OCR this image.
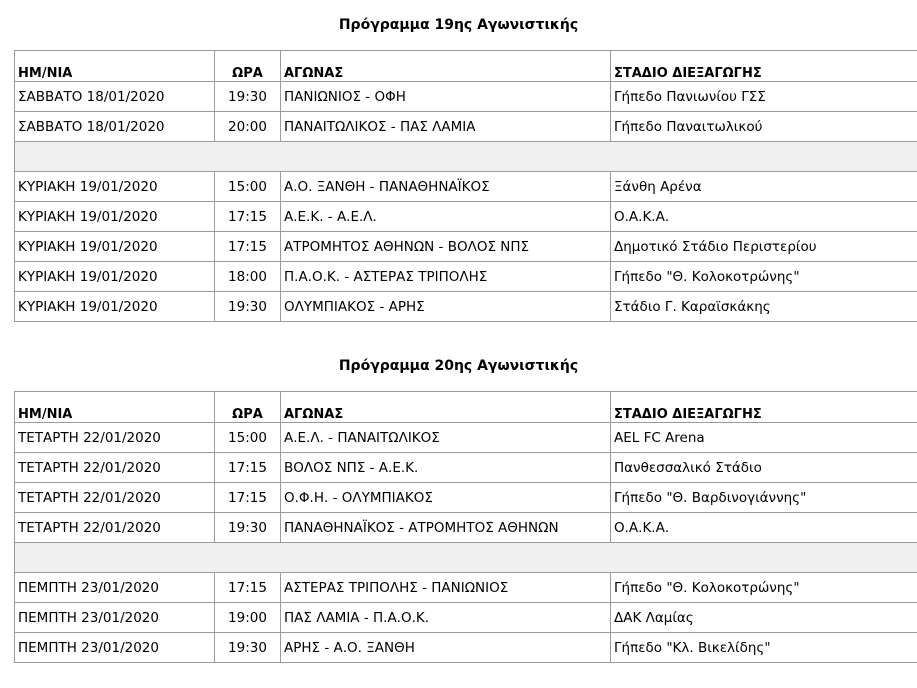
Πρόγραμμα 19ης Αγωνιστικής
ΗΜ/ΝΙΑ	ΩΡΑ	ΑΓΩΝΑΣ	ΣΤΑΔΙΟ ΔΙΕΞΑΓΩΓΗΣ
ΣΑΒΒΑΤΟ 18/01/2020	19:30	ΠΑΝΙΩΝΙΟΣ - ΟΦΗ	Γήπεδο Πανιωνίου ΓΣΣ
ΣΑΒΒΑΤΟ 18/01/2020	20:00	ΠΑΝΑΙΤΩΛΙΚΟΣ - ΠΑΣ ΛΑΜΙΑ	Γήπεδο Παναιτωλικού

ΚΥΡΙΑΚΗ 19/01/2020	15:00	Α.Ο. ΞΑΝΘΗ - ΠΑΝΑΘΗΝΑΪΚΟΣ	Ξάνθη Αρένα
ΚΥΡΙΑΚΗ 19/01/2020	17:15	Α.Ε.Κ. - Α.Ε.Λ.	Ο.Α.Κ.Α.
ΚΥΡΙΑΚΗ 19/01/2020	17:15	ΑΤΡΟΜΗΤΟΣ ΑΘΗΝΩΝ - ΒΟΛΟΣ ΝΠΣ	Δημοτικό Στάδιο Περιστερίου
ΚΥΡΙΑΚΗ 19/01/2020	18:00	Π.Α.Ο.Κ. - ΑΣΤΕΡΑΣ ΤΡΙΠΟΛΗΣ	Γήπεδο "Θ. Κολοκοτρώνης"
ΚΥΡΙΑΚΗ 19/01/2020	19:30	ΟΛΥΜΠΙΑΚΟΣ - ΑΡΗΣ	Στάδιο Γ. Καραϊσκάκης
Πρόγραμμα 20ης Αγωνιστικής
ΗΜ/ΝΙΑ	ΩΡΑ	ΑΓΩΝΑΣ	ΣΤΑΔΙΟ ΔΙΕΞΑΓΩΓΗΣ
ΤΕΤΑΡΤΗ 22/01/2020	15:00	Α.Ε.Λ. - ΠΑΝΑΙΤΩΛΙΚΟΣ	AEL FC Arena
ΤΕΤΑΡΤΗ 22/01/2020	17:15	ΒΟΛΟΣ ΝΠΣ - Α.Ε.Κ.	Πανθεσσαλικό Στάδιο
ΤΕΤΑΡΤΗ 22/01/2020	17:15	Ο.Φ.Η. - ΟΛΥΜΠΙΑΚΟΣ	Γήπεδο "Θ. Βαρδινογιάννης"
ΤΕΤΑΡΤΗ 22/01/2020	19:30	ΠΑΝΑΘΗΝΑΪΚΟΣ - ΑΤΡΟΜΗΤΟΣ ΑΘΗΝΩΝ	Ο.Α.Κ.Α.

ΠΕΜΠΤΗ 23/01/2020	17:15	ΑΣΤΕΡΑΣ ΤΡΙΠΟΛΗΣ - ΠΑΝΙΩΝΙΟΣ	Γήπεδο "Θ. Κολοκοτρώνης"
ΠΕΜΠΤΗ 23/01/2020	19:00	ΠΑΣ ΛΑΜΙΑ - Π.Α.Ο.Κ.	ΔΑΚ Λαμίας
ΠΕΜΠΤΗ 23/01/2020	19:30	ΑΡΗΣ - Α.Ο. ΞΑΝΘΗ	Γήπεδο "Κλ. Βικελίδης"
